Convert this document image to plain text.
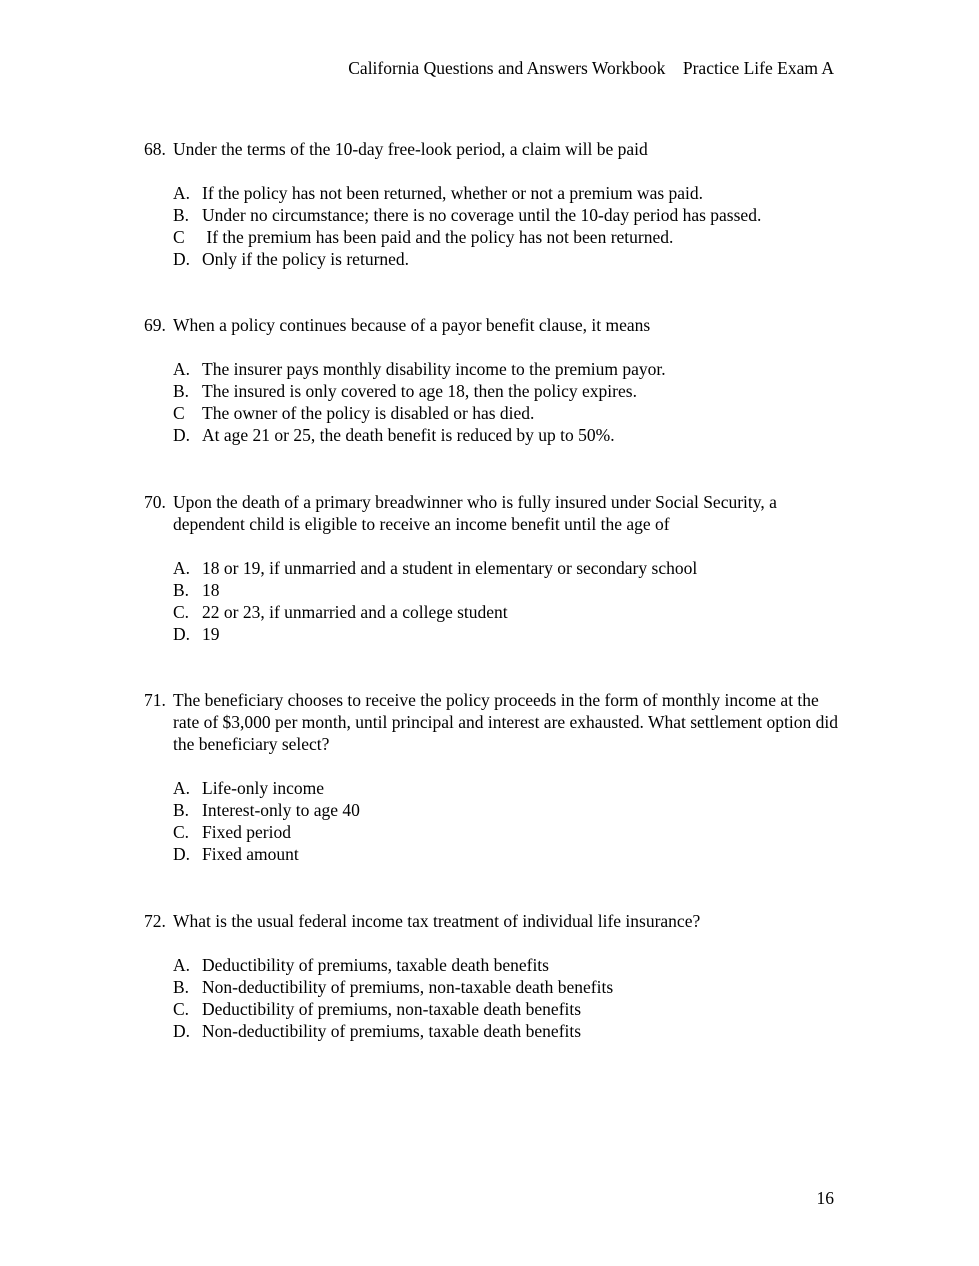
California Questions and Answers Workbook Practice Life Exam A
68. Under the terms of the 10-day free-look period, a claim will be paid
A. If the policy has not been returned, whether or not a premium was paid.
B. Under no circumstance; there is no coverage until the 10-day period has passed.
C If the premium has been paid and the policy has not been returned.
D. Only if the policy is returned.
69. When a policy continues because of a payor benefit clause, it means
A. The insurer pays monthly disability income to the premium payor.
B. The insured is only covered to age 18, then the policy expires.
C The owner of the policy is disabled or has died.
D. At age 21 or 25, the death benefit is reduced by up to 50%.
70. Upon the death of a primary breadwinner who is fully insured under Social Security, a dependent child is eligible to receive an income benefit until the age of
A. 18 or 19, if unmarried and a student in elementary or secondary school
B. 18
C. 22 or 23, if unmarried and a college student
D. 19
71. The beneficiary chooses to receive the policy proceeds in the form of monthly income at the rate of $3,000 per month, until principal and interest are exhausted. What settlement option did the beneficiary select?
A. Life-only income
B. Interest-only to age 40
C. Fixed period
D. Fixed amount
72. What is the usual federal income tax treatment of individual life insurance?
A. Deductibility of premiums, taxable death benefits
B. Non-deductibility of premiums, non-taxable death benefits
C. Deductibility of premiums, non-taxable death benefits
D. Non-deductibility of premiums, taxable death benefits
16
